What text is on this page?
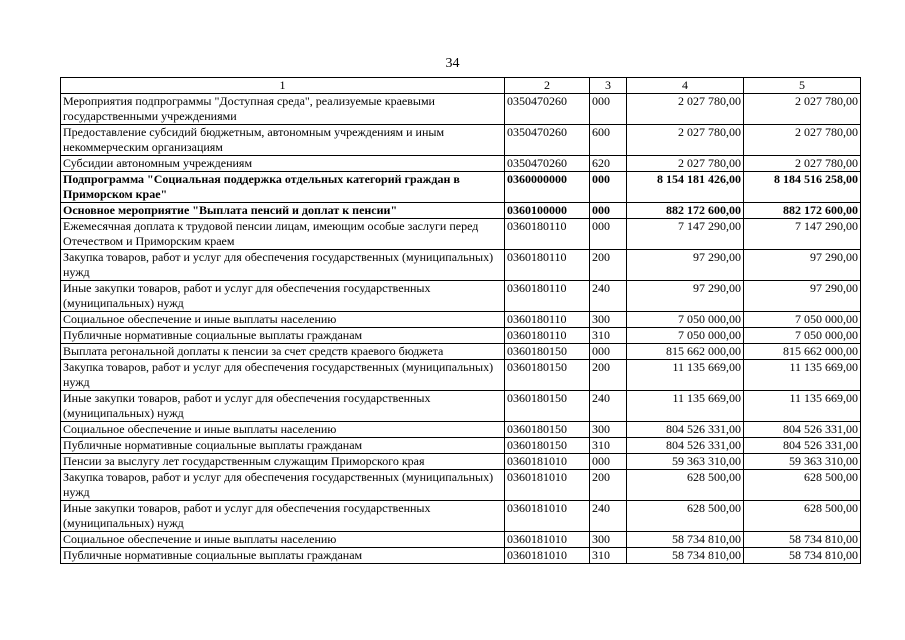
34
1	2	3	4	5
Мероприятия подпрограммы "Доступная среда", реализуемые краевыми государственными учреждениями	0350470260	000	2 027 780,00	2 027 780,00
Предоставление субсидий бюджетным, автономным учреждениям и иным некоммерческим организациям	0350470260	600	2 027 780,00	2 027 780,00
Субсидии автономным учреждениям	0350470260	620	2 027 780,00	2 027 780,00
Подпрограмма "Социальная поддержка отдельных категорий граждан в Приморском крае"	0360000000	000	8 154 181 426,00	8 184 516 258,00
Основное мероприятие "Выплата пенсий и доплат к пенсии"	0360100000	000	882 172 600,00	882 172 600,00
Ежемесячная доплата к трудовой пенсии лицам, имеющим особые заслуги перед Отечеством и Приморским краем	0360180110	000	7 147 290,00	7 147 290,00
Закупка товаров, работ и услуг для обеспечения государственных (муниципальных) нужд	0360180110	200	97 290,00	97 290,00
Иные закупки товаров, работ и услуг для обеспечения государственных (муниципальных) нужд	0360180110	240	97 290,00	97 290,00
Социальное обеспечение и иные выплаты населению	0360180110	300	7 050 000,00	7 050 000,00
Публичные нормативные социальные выплаты гражданам	0360180110	310	7 050 000,00	7 050 000,00
Выплата регональной доплаты к пенсии за счет средств краевого бюджета	0360180150	000	815 662 000,00	815 662 000,00
Закупка товаров, работ и услуг для обеспечения государственных (муниципальных) нужд	0360180150	200	11 135 669,00	11 135 669,00
Иные закупки товаров, работ и услуг для обеспечения государственных (муниципальных) нужд	0360180150	240	11 135 669,00	11 135 669,00
Социальное обеспечение и иные выплаты населению	0360180150	300	804 526 331,00	804 526 331,00
Публичные нормативные социальные выплаты гражданам	0360180150	310	804 526 331,00	804 526 331,00
Пенсии за выслугу лет государственным служащим Приморского края	0360181010	000	59 363 310,00	59 363 310,00
Закупка товаров, работ и услуг для обеспечения государственных (муниципальных) нужд	0360181010	200	628 500,00	628 500,00
Иные закупки товаров, работ и услуг для обеспечения государственных (муниципальных) нужд	0360181010	240	628 500,00	628 500,00
Социальное обеспечение и иные выплаты населению	0360181010	300	58 734 810,00	58 734 810,00
Публичные нормативные социальные выплаты гражданам	0360181010	310	58 734 810,00	58 734 810,00
